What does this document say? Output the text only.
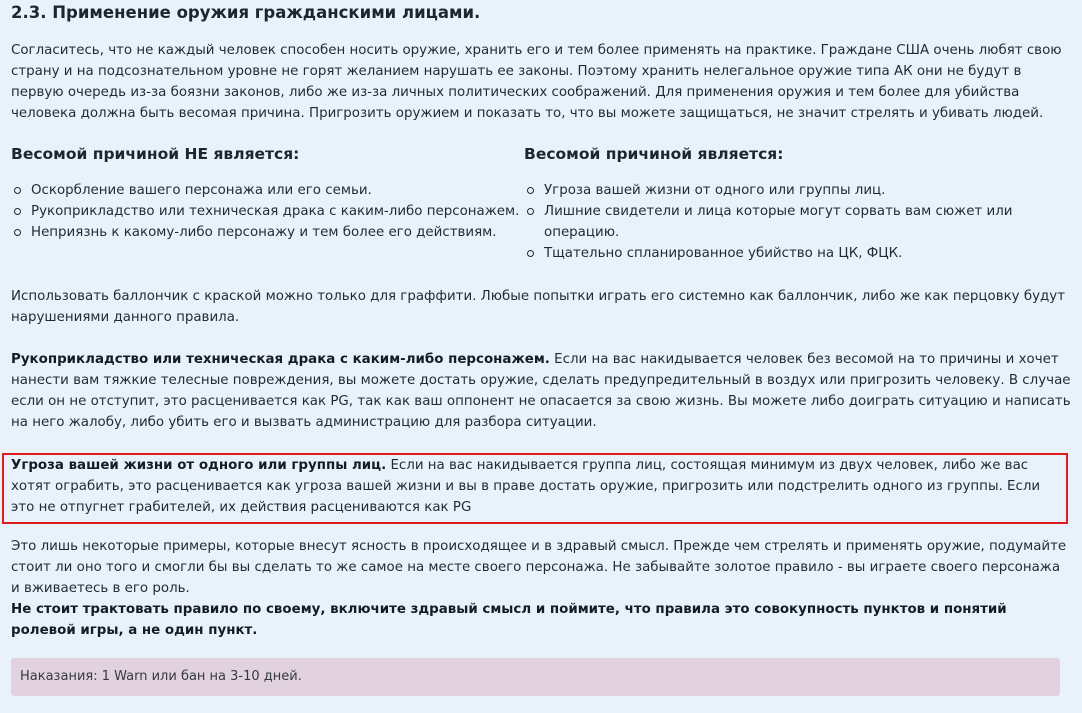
2.3. Применение оружия гражданскими лицами.

Согласитесь, что не каждый человек способен носить оружие, хранить его и тем более применять на практике. Граждане США очень любят свою страну и на подсознательном уровне не горят желанием нарушать ее законы. Поэтому хранить нелегальное оружие типа АК они не будут в первую очередь из-за боязни законов, либо же из-за личных политических соображений. Для применения оружия и тем более для убийства человека должна быть весомая причина. Пригрозить оружием и показать то, что вы можете защищаться, не значит стрелять и убивать людей.

Весомой причиной НЕ является:
Оскорбление вашего персонажа или его семьи.
Рукоприкладство или техническая драка с каким-либо персонажем.
Неприязнь к какому-либо персонажу и тем более его действиям.
Весомой причиной является:
Угроза вашей жизни от одного или группы лиц.
Лишние свидетели и лица которые могут сорвать вам сюжет или операцию.
Тщательно спланированное убийство на ЦК, ФЦК.

Использовать баллончик с краской можно только для граффити. Любые попытки играть его системно как баллончик, либо же как перцовку будут нарушениями данного правила.

Рукоприкладство или техническая драка с каким-либо персонажем. Если на вас накидывается человек без весомой на то причины и хочет нанести вам тяжкие телесные повреждения, вы можете достать оружие, сделать предупредительный в воздух или пригрозить человеку. В случае если он не отступит, это расценивается как PG, так как ваш оппонент не опасается за свою жизнь. Вы можете либо доиграть ситуацию и написать на него жалобу, либо убить его и вызвать администрацию для разбора ситуации.

Угроза вашей жизни от одного или группы лиц. Если на вас накидывается группа лиц, состоящая минимум из двух человек, либо же вас хотят ограбить, это расценивается как угроза вашей жизни и вы в праве достать оружие, пригрозить или подстрелить одного из группы. Если это не отпугнет грабителей, их действия расцениваются как PG

Это лишь некоторые примеры, которые внесут ясность в происходящее и в здравый смысл. Прежде чем стрелять и применять оружие, подумайте стоит ли оно того и смогли бы вы сделать то же самое на месте своего персонажа. Не забывайте золотое правило - вы играете своего персонажа и вживаетесь в его роль.

Не стоит трактовать правило по своему, включите здравый смысл и поймите, что правила это совокупность пунктов и понятий ролевой игры, а не один пункт.

Наказания: 1 Warn или бан на 3-10 дней.
